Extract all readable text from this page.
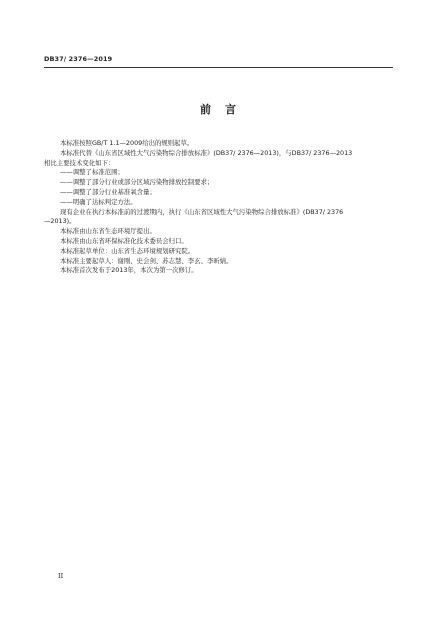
DB37/ 2376—2019
前言
本标准按照GB/T 1.1—2009给出的规则起草。
本标准代替《山东省区域性大气污染物综合排放标准》(DB37/ 2376—2013)，与DB37/ 2376—2013
相比主要技术变化如下：
——调整了标准范围；
——调整了部分行业或部分区域污染物排放控制要求；
——调整了部分行业基准氧含量；
——明确了达标判定方法。
现有企业在执行本标准前的过渡期内，执行《山东省区域性大气污染物综合排放标准》(DB37/ 2376
—2013)。
本标准由山东省生态环境厅提出。
本标准由山东省环保标准化技术委员会归口。
本标准起草单位：山东省生态环境规划研究院。
本标准主要起草人：谢刚、史会剑、苏志慧、李玄、李昕婧。
本标准首次发布于2013年，本次为第一次修订。
II
